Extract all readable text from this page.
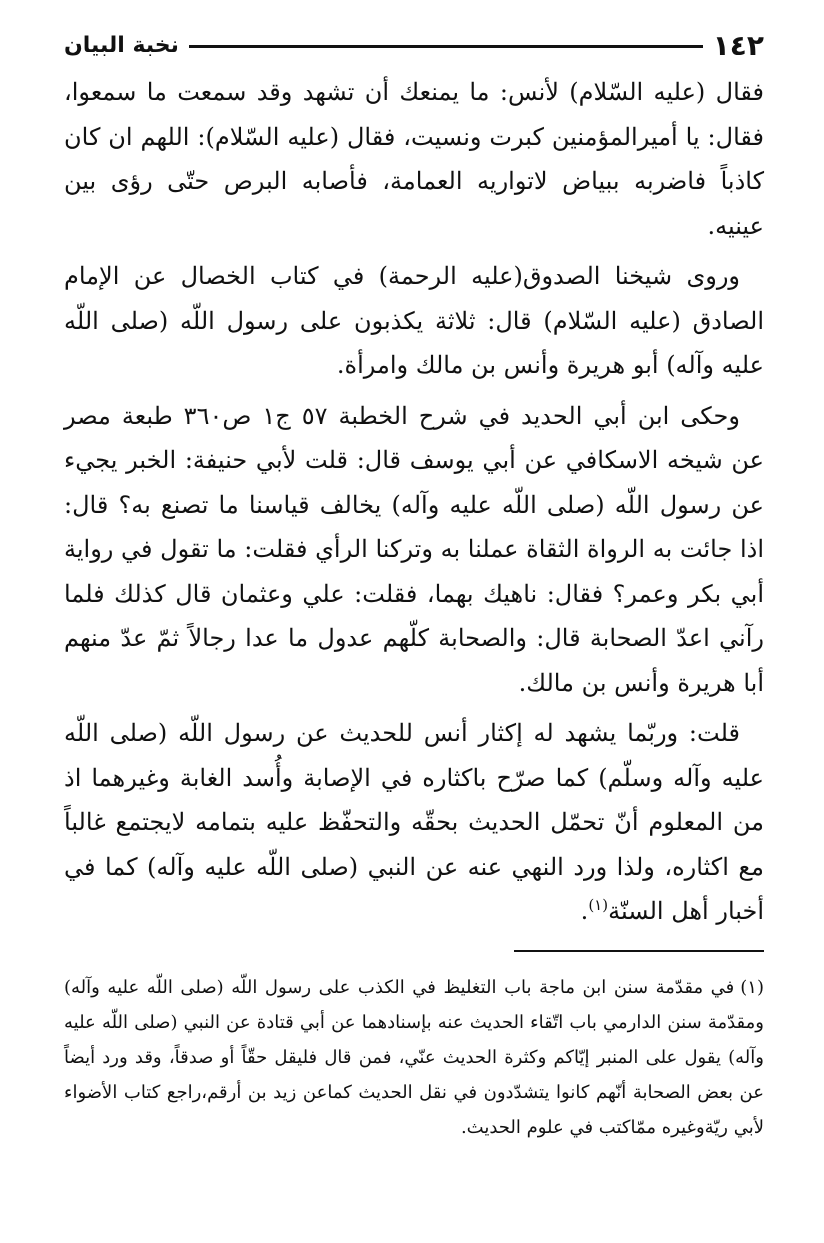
١٤٢
نخبة البيان

فقال (عليه السّلام) لأنس: ما يمنعك أن تشهد وقد سمعت ما سمعوا، فقال: يا أميرالمؤمنين كبرت ونسيت، فقال (عليه السّلام): اللهم ان كان كاذباً فاضربه ببياض لاتواريه العمامة، فأصابه البرص حتّى رؤى بين عينيه.

وروى شيخنا الصدوق(عليه الرحمة) في كتاب الخصال عن الإمام الصادق (عليه السّلام) قال: ثلاثة يكذبون على رسول اللّه (صلى اللّه عليه وآله) أبو هريرة وأنس بن مالك وامرأة.

وحكى ابن أبي الحديد في شرح الخطبة ٥٧ ج١ ص٣٦٠ طبعة مصر عن شيخه الاسكافي عن أبي يوسف قال: قلت لأبي حنيفة: الخبر يجيء عن رسول اللّه (صلى اللّه عليه وآله) يخالف قياسنا ما تصنع به؟ قال: اذا جائت به الرواة الثقاة عملنا به وتركنا الرأي فقلت: ما تقول في رواية أبي بكر وعمر؟ فقال: ناهيك بهما، فقلت: علي وعثمان قال كذلك فلما رآني اعدّ الصحابة قال: والصحابة كلّهم عدول ما عدا رجالاً ثمّ عدّ منهم أبا هريرة وأنس بن مالك.

قلت: وربّما يشهد له إكثار أنس للحديث عن رسول اللّه (صلى اللّه عليه وآله وسلّم) كما صرّح باكثاره في الإصابة وأُسد الغابة وغيرهما اذ من المعلوم أنّ تحمّل الحديث بحقّه والتحفّظ عليه بتمامه لايجتمع غالباً مع اكثاره، ولذا ورد النهي عنه عن النبي (صلى اللّه عليه وآله) كما في أخبار أهل السنّة$^{(١)}$.

(١)في مقدّمة سنن ابن ماجة باب التغليظ في الكذب على رسول اللّه (صلى اللّه عليه وآله) ومقدّمة سنن الدارمي باب اتّقاء الحديث عنه بإسنادهما عن أبي قتادة عن النبي (صلى اللّه عليه وآله) يقول على المنبر إيّاكم وكثرة الحديث عنّي، فمن قال فليقل حقّاً أو صدقاً، وقد ورد أيضاً عن بعض الصحابة أنّهم كانوا يتشدّدون في نقل الحديث كماعن زيد بن أرقم،راجع كتاب الأضواء لأبي ريّةوغيره ممّاكتب في علوم الحديث.
